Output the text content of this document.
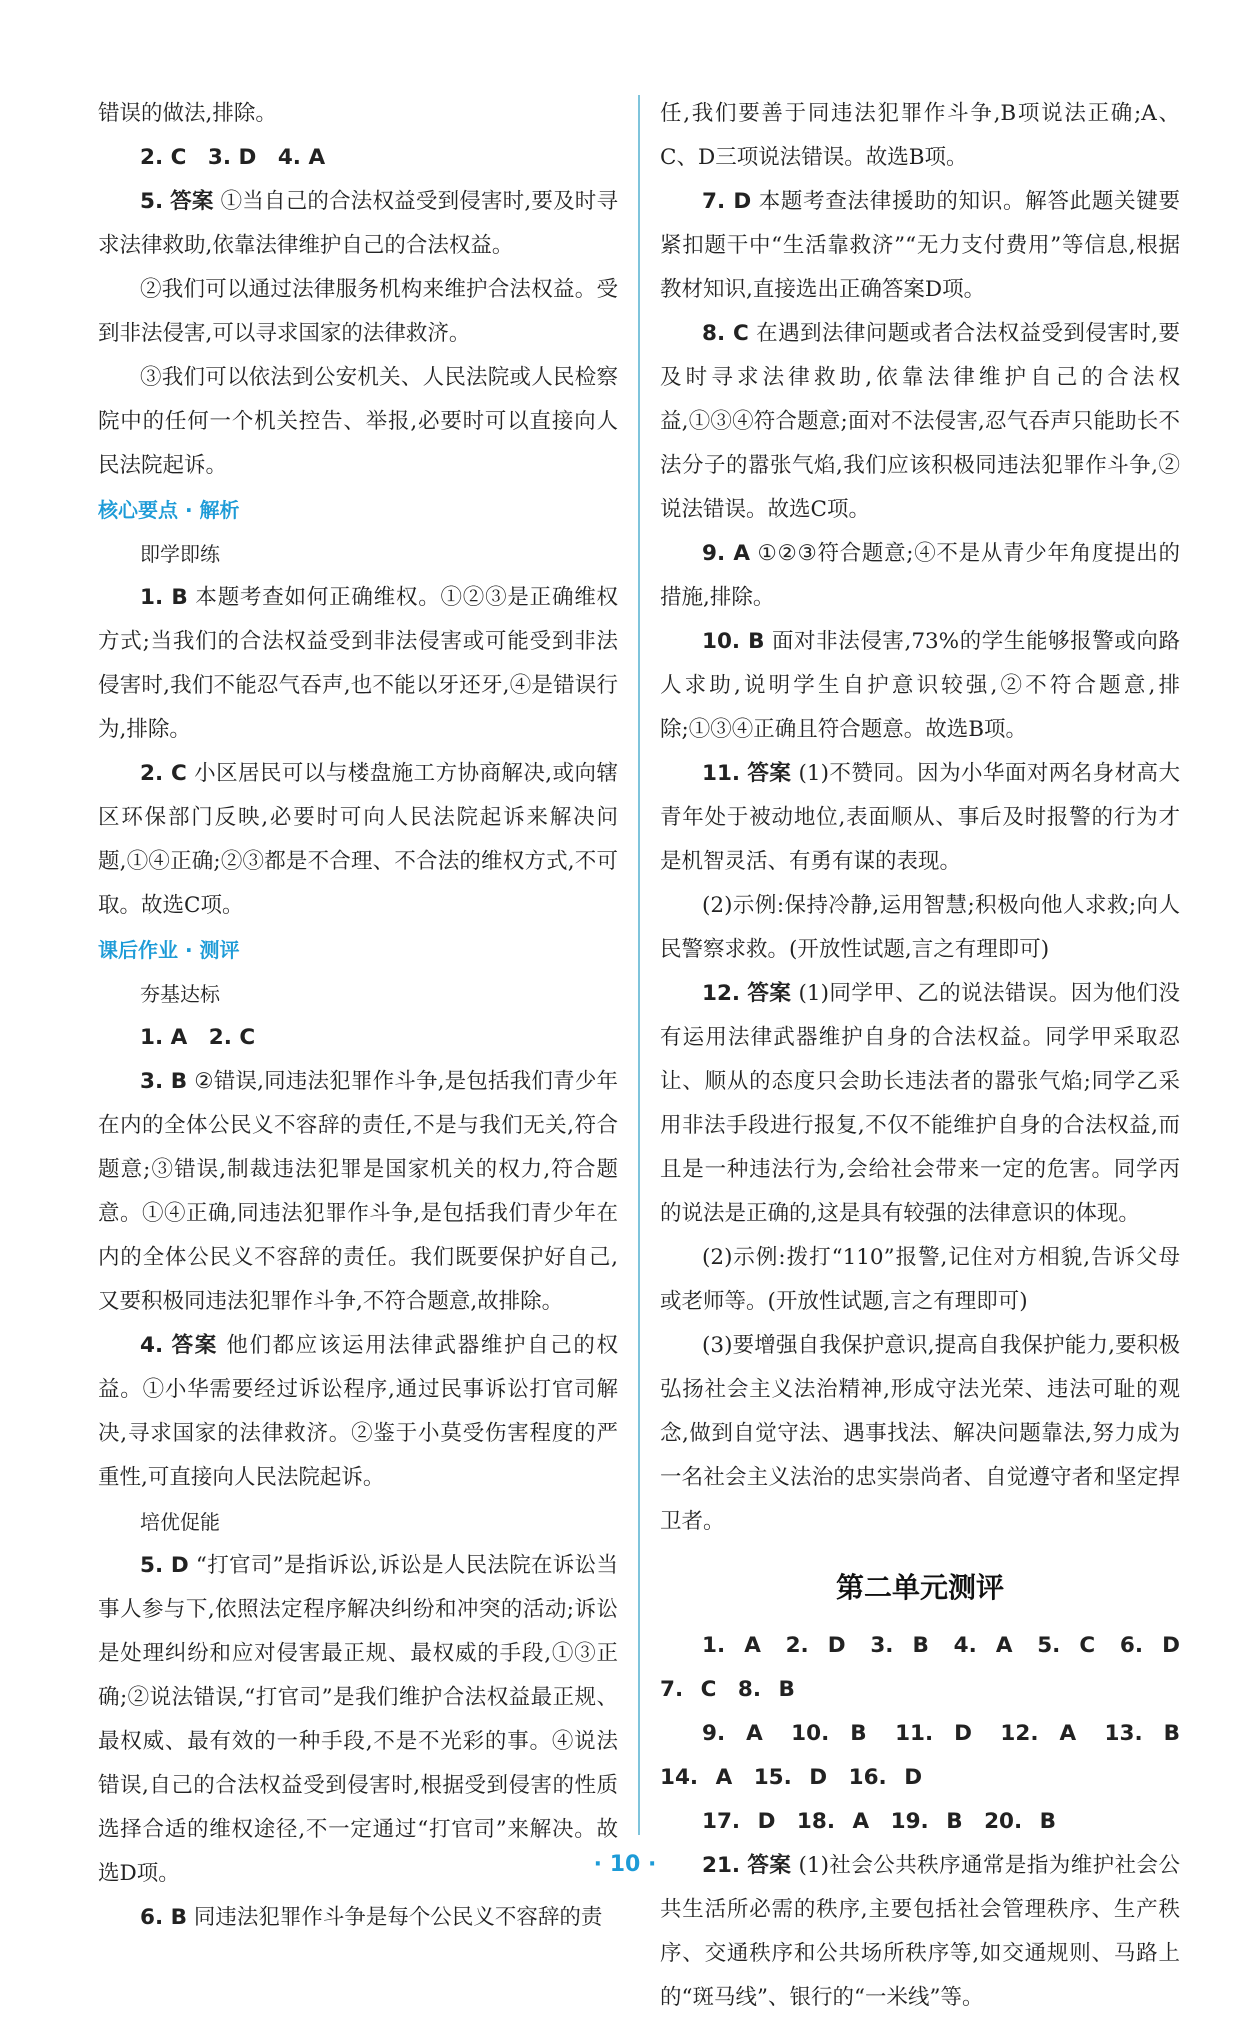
错误的做法,排除。

2. C　3. D　4. A

5. 答案 ①当自己的合法权益受到侵害时,要及时寻求法律救助,依靠法律维护自己的合法权益。

②我们可以通过法律服务机构来维护合法权益。受到非法侵害,可以寻求国家的法律救济。

③我们可以依法到公安机关、人民法院或人民检察院中的任何一个机关控告、举报,必要时可以直接向人民法院起诉。

核心要点 · 解析
即学即练

1. B 本题考查如何正确维权。①②③是正确维权方式;当我们的合法权益受到非法侵害或可能受到非法侵害时,我们不能忍气吞声,也不能以牙还牙,④是错误行为,排除。

2. C 小区居民可以与楼盘施工方协商解决,或向辖区环保部门反映,必要时可向人民法院起诉来解决问题,①④正确;②③都是不合理、不合法的维权方式,不可取。故选C项。

课后作业 · 测评
夯基达标

1. A　2. C

3. B ②错误,同违法犯罪作斗争,是包括我们青少年在内的全体公民义不容辞的责任,不是与我们无关,符合题意;③错误,制裁违法犯罪是国家机关的权力,符合题意。①④正确,同违法犯罪作斗争,是包括我们青少年在内的全体公民义不容辞的责任。我们既要保护好自己,又要积极同违法犯罪作斗争,不符合题意,故排除。

4. 答案 他们都应该运用法律武器维护自己的权益。①小华需要经过诉讼程序,通过民事诉讼打官司解决,寻求国家的法律救济。②鉴于小莫受伤害程度的严重性,可直接向人民法院起诉。

培优促能

5. D “打官司”是指诉讼,诉讼是人民法院在诉讼当事人参与下,依照法定程序解决纠纷和冲突的活动;诉讼是处理纠纷和应对侵害最正规、最权威的手段,①③正确;②说法错误,“打官司”是我们维护合法权益最正规、最权威、最有效的一种手段,不是不光彩的事。④说法错误,自己的合法权益受到侵害时,根据受到侵害的性质选择合适的维权途径,不一定通过“打官司”来解决。故选D项。

6. B 同违法犯罪作斗争是每个公民义不容辞的责

任,我们要善于同违法犯罪作斗争,B项说法正确;A、C、D三项说法错误。故选B项。

7. D 本题考查法律援助的知识。解答此题关键要紧扣题干中“生活靠救济”“无力支付费用”等信息,根据教材知识,直接选出正确答案D项。

8. C 在遇到法律问题或者合法权益受到侵害时,要及时寻求法律救助,依靠法律维护自己的合法权益,①③④符合题意;面对不法侵害,忍气吞声只能助长不法分子的嚣张气焰,我们应该积极同违法犯罪作斗争,②说法错误。故选C项。

9. A ①②③符合题意;④不是从青少年角度提出的措施,排除。

10. B 面对非法侵害,73%的学生能够报警或向路人求助,说明学生自护意识较强,②不符合题意,排除;①③④正确且符合题意。故选B项。

11. 答案 (1)不赞同。因为小华面对两名身材高大青年处于被动地位,表面顺从、事后及时报警的行为才是机智灵活、有勇有谋的表现。

(2)示例:保持冷静,运用智慧;积极向他人求救;向人民警察求救。(开放性试题,言之有理即可)

12. 答案 (1)同学甲、乙的说法错误。因为他们没有运用法律武器维护自身的合法权益。同学甲采取忍让、顺从的态度只会助长违法者的嚣张气焰;同学乙采用非法手段进行报复,不仅不能维护自身的合法权益,而且是一种违法行为,会给社会带来一定的危害。同学丙的说法是正确的,这是具有较强的法律意识的体现。

(2)示例:拨打“110”报警,记住对方相貌,告诉父母或老师等。(开放性试题,言之有理即可)

(3)要增强自我保护意识,提高自我保护能力,要积极弘扬社会主义法治精神,形成守法光荣、违法可耻的观念,做到自觉守法、遇事找法、解决问题靠法,努力成为一名社会主义法治的忠实崇尚者、自觉遵守者和坚定捍卫者。

第二单元测评

1. A　2. D　3. B　4. A　5. C　6. D　7. C　8. B

9. A　10. B　11. D　12. A　13. B　14. A　15. D　16. D

17. D　18. A　19. B　20. B

21. 答案 (1)社会公共秩序通常是指为维护社会公共生活所必需的秩序,主要包括社会管理秩序、生产秩序、交通秩序和公共场所秩序等,如交通规则、马路上的“斑马线”、银行的“一米线”等。

· 10 ·
